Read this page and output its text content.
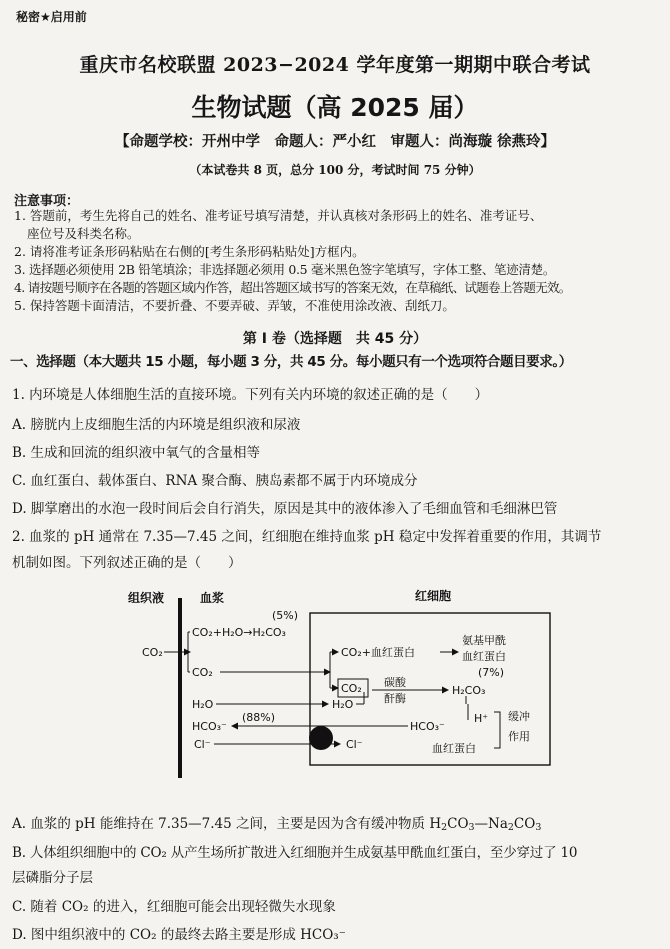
秘密★启用前
重庆市名校联盟 2023−2024 学年度第一期期中联合考试
生物试题（高 2025 届）
【命题学校：开州中学　命题人：严小红　审题人：尚海璇 徐燕玲】
（本试卷共 8 页，总分 100 分，考试时间 75 分钟）
注意事项：
1. 答题前，考生先将自己的姓名、准考证号填写清楚，并认真核对条形码上的姓名、准考证号、
座位号及科类名称。
2. 请将准考证条形码粘贴在右侧的[考生条形码粘贴处]方框内。
3. 选择题必须使用 2B 铅笔填涂；非选择题必须用 0.5 毫米黑色签字笔填写，字体工整、笔迹清楚。
4. 请按题号顺序在各题的答题区域内作答，超出答题区域书写的答案无效，在草稿纸、试题卷上答题无效。
5. 保持答题卡面清洁，不要折叠、不要弄破、弄皱，不准使用涂改液、刮纸刀。
第 I 卷（选择题　共 45 分）
一、选择题（本大题共 15 小题，每小题 3 分，共 45 分。每小题只有一个选项符合题目要求。）
1. 内环境是人体细胞生活的直接环境。下列有关内环境的叙述正确的是（　　）
A. 膀胱内上皮细胞生活的内环境是组织液和尿液
B. 生成和回流的组织液中氧气的含量相等
C. 血红蛋白、载体蛋白、RNA 聚合酶、胰岛素都不属于内环境成分
D. 脚掌磨出的水泡一段时间后会自行消失，原因是其中的液体渗入了毛细血管和毛细淋巴管
2. 血浆的 pH 通常在 7.35—7.45 之间，红细胞在维持血浆 pH 稳定中发挥着重要的作用，其调节
机制如图。下列叙述正确的是（　　）
组织液	血浆	红细胞
CO₂
(5%)
CO₂+H₂O→H₂CO₃
CO₂
CO₂+血红蛋白
氨基甲酰
血红蛋白
CO₂ 碳酸
酐酶
(7%)
H₂CO₃
H₂O	H₂O
(88%)
HCO₃⁻	HCO₃⁻
H⁺ 缓冲
作用
血红蛋白
Cl⁻	Cl⁻
A. 血浆的 pH 能维持在 7.35—7.45 之间，主要是因为含有缓冲物质 $H_2CO_3—Na_2CO_3$
B. 人体组织细胞中的 CO₂ 从产生场所扩散进入红细胞并生成氨基甲酰血红蛋白，至少穿过了 10
层磷脂分子层
C. 随着 CO₂ 的进入，红细胞可能会出现轻微失水现象
D. 图中组织液中的 CO₂ 的最终去路主要是形成 HCO₃⁻
